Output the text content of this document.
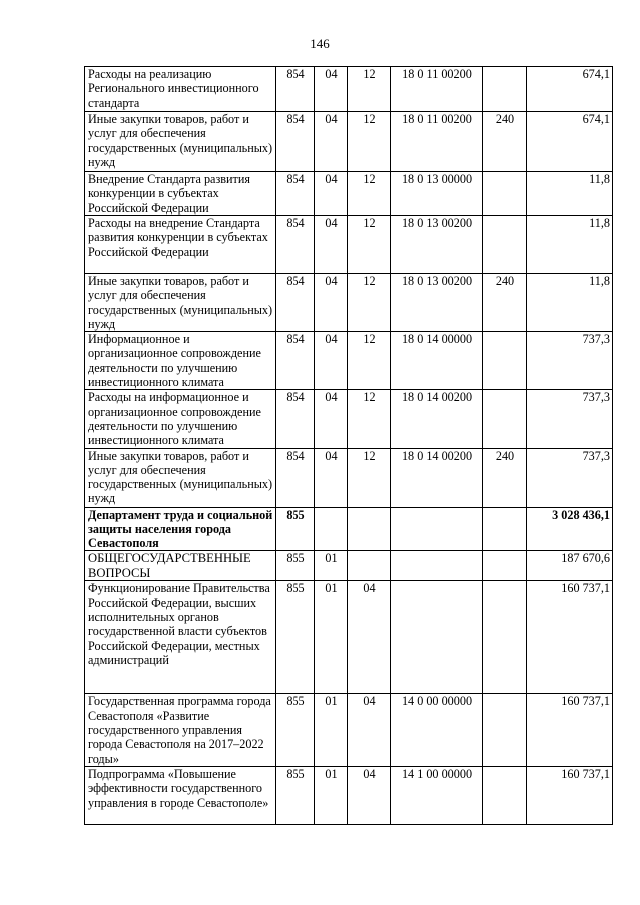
146
Расходы на реализацию Регионального инвестиционного стандарта	854	04	12	18 0 11 00200		674,1
Иные закупки товаров, работ и услуг для обеспечения государственных (муниципальных) нужд	854	04	12	18 0 11 00200	240	674,1
Внедрение Стандарта развития конкуренции в субъектах Российской Федерации	854	04	12	18 0 13 00000		11,8
Расходы на внедрение Стандарта развития конкуренции в субъектах Российской Федерации	854	04	12	18 0 13 00200		11,8
Иные закупки товаров, работ и услуг для обеспечения государственных (муниципальных) нужд	854	04	12	18 0 13 00200	240	11,8
Информационное и организационное сопровождение деятельности по улучшению инвестиционного климата	854	04	12	18 0 14 00000		737,3
Расходы на информационное и организационное сопровождение деятельности по улучшению инвестиционного климата	854	04	12	18 0 14 00200		737,3
Иные закупки товаров, работ и услуг для обеспечения государственных (муниципальных) нужд	854	04	12	18 0 14 00200	240	737,3
Департамент труда и социальной защиты населения города Севастополя	855					3 028 436,1
ОБЩЕГОСУДАРСТВЕННЫЕ ВОПРОСЫ	855	01				187 670,6
Функционирование Правительства Российской Федерации, высших исполнительных органов государственной власти субъектов Российской Федерации, местных администраций	855	01	04			160 737,1
Государственная программа города Севастополя «Развитие государственного управления города Севастополя на 2017–2022 годы»	855	01	04	14 0 00 00000		160 737,1
Подпрограмма «Повышение эффективности государственного управления в городе Севастополе»	855	01	04	14 1 00 00000		160 737,1
